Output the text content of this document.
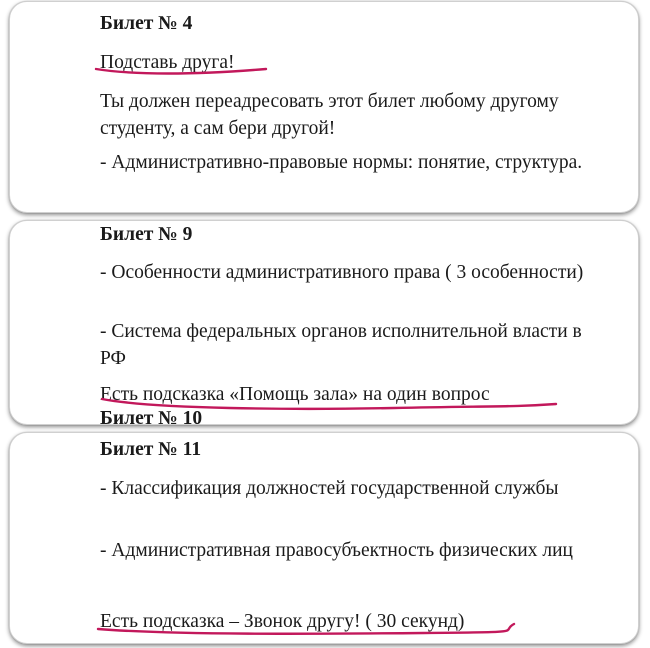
Билет № 4
Подставь друга!
Ты должен переадресовать этот билет любому другому студенту, а сам бери другой!
- Административно-правовые нормы: понятие, структура.
Билет № 9
- Особенности административного права ( 3 особенности)
- Система федеральных органов исполнительной власти в РФ
Есть подсказка «Помощь зала» на один вопрос
Билет № 10
Билет № 11
- Классификация должностей государственной службы
- Административная правосубъектность физических лиц
Есть подсказка – Звонок другу! ( 30 секунд)
